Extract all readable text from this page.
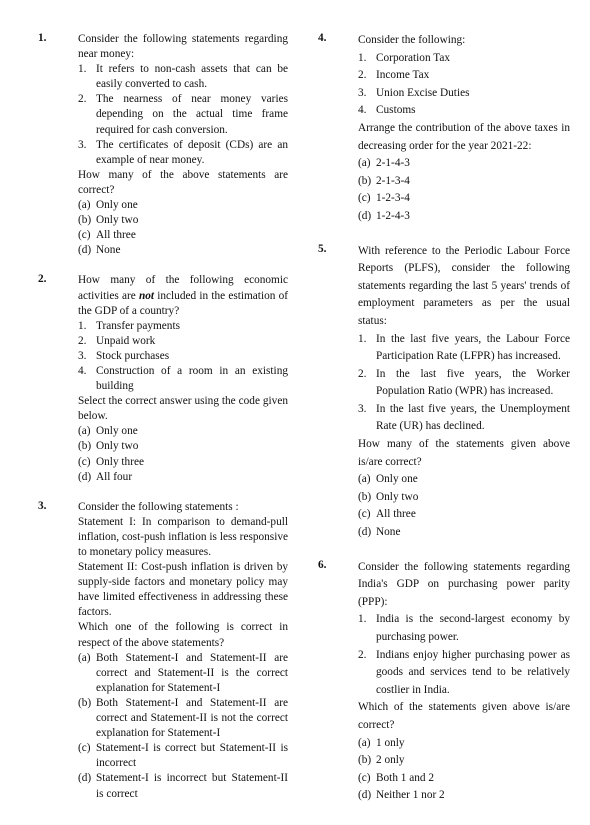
1.	Consider the following statements regarding near money:
1. It refers to non-cash assets that can be easily converted to cash.
2. The nearness of near money varies depending on the actual time frame required for cash conversion.
3. The certificates of deposit (CDs) are an example of near money.
How many of the above statements are correct?
(a) Only one
(b) Only two
(c) All three
(d) None
2.	How many of the following economic activities are not included in the estimation of the GDP of a country?
1. Transfer payments
2. Unpaid work
3. Stock purchases
4. Construction of a room in an existing building
Select the correct answer using the code given below.
(a) Only one
(b) Only two
(c) Only three
(d) All four
3.	Consider the following statements :
Statement I: In comparison to demand-pull inflation, cost-push inflation is less responsive to monetary policy measures.
Statement II: Cost-push inflation is driven by supply-side factors and monetary policy may have limited effectiveness in addressing these factors.
Which one of the following is correct in respect of the above statements?
(a) Both Statement-I and Statement-II are correct and Statement-II is the correct explanation for Statement-I
(b) Both Statement-I and Statement-II are correct and Statement-II is not the correct explanation for Statement-I
(c) Statement-I is correct but Statement-II is incorrect
(d) Statement-I is incorrect but Statement-II is correct
4.	Consider the following:
1. Corporation Tax
2. Income Tax
3. Union Excise Duties
4. Customs
Arrange the contribution of the above taxes in decreasing order for the year 2021-22:
(a) 2-1-4-3
(b) 2-1-3-4
(c) 1-2-3-4
(d) 1-2-4-3
5.	With reference to the Periodic Labour Force Reports (PLFS), consider the following statements regarding the last 5 years' trends of employment parameters as per the usual status:
1. In the last five years, the Labour Force Participation Rate (LFPR) has increased.
2. In the last five years, the Worker Population Ratio (WPR) has increased.
3. In the last five years, the Unemployment Rate (UR) has declined.
How many of the statements given above is/are correct?
(a) Only one
(b) Only two
(c) All three
(d) None
6.	Consider the following statements regarding India's GDP on purchasing power parity (PPP):
1. India is the second-largest economy by purchasing power.
2. Indians enjoy higher purchasing power as goods and services tend to be relatively costlier in India.
Which of the statements given above is/are correct?
(a) 1 only
(b) 2 only
(c) Both 1 and 2
(d) Neither 1 nor 2
